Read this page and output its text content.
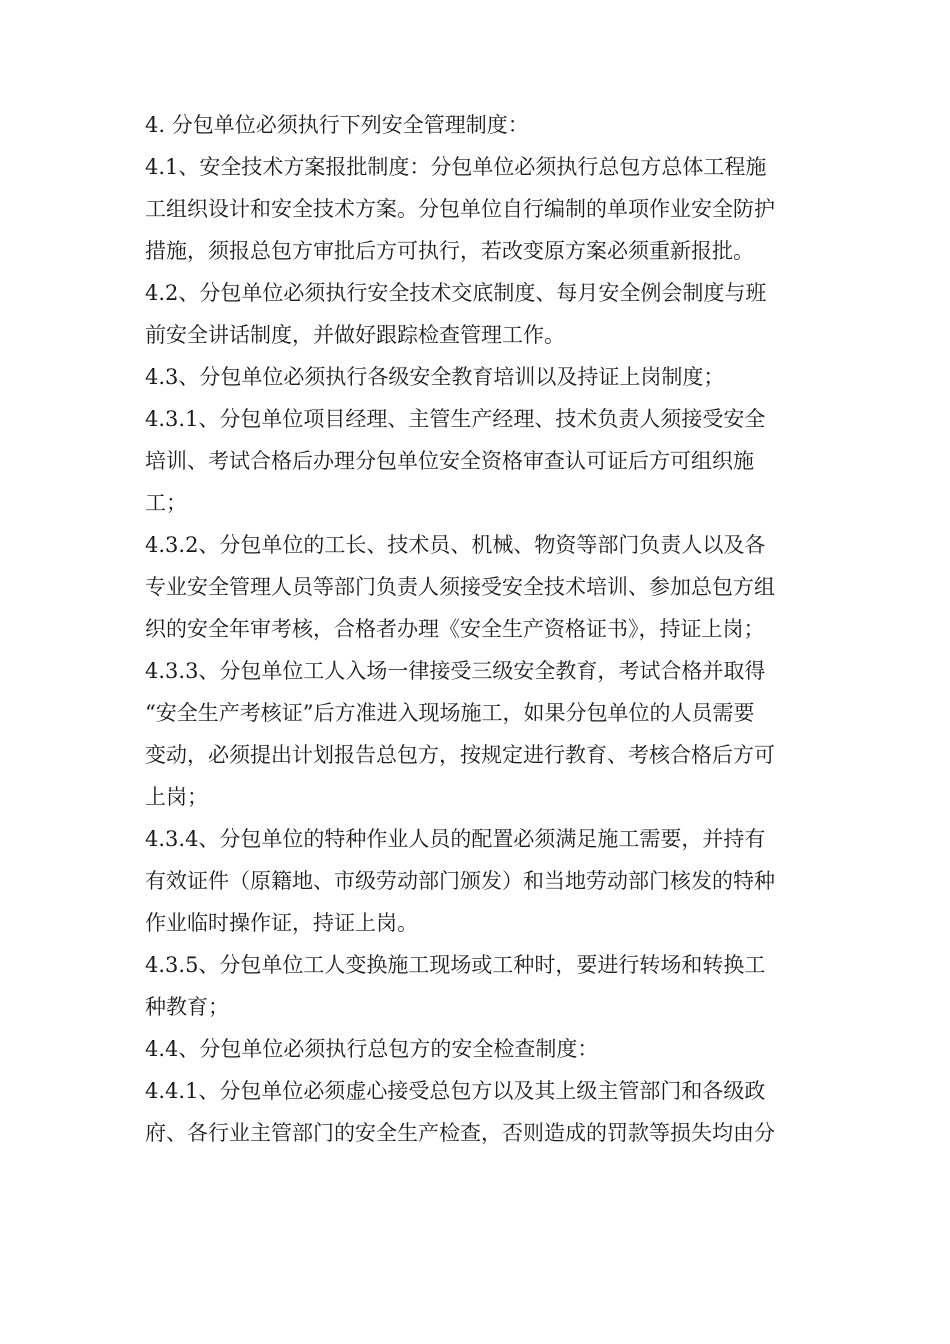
4. 分包单位必须执行下列安全管理制度：
4.1、安全技术方案报批制度：分包单位必须执行总包方总体工程施
工组织设计和安全技术方案。分包单位自行编制的单项作业安全防护
措施，须报总包方审批后方可执行，若改变原方案必须重新报批。
4.2、分包单位必须执行安全技术交底制度、每月安全例会制度与班
前安全讲话制度，并做好跟踪检查管理工作。
4.3、分包单位必须执行各级安全教育培训以及持证上岗制度；
4.3.1、分包单位项目经理、主管生产经理、技术负责人须接受安全
培训、考试合格后办理分包单位安全资格审查认可证后方可组织施
工；
4.3.2、分包单位的工长、技术员、机械、物资等部门负责人以及各
专业安全管理人员等部门负责人须接受安全技术培训、参加总包方组
织的安全年审考核，合格者办理《安全生产资格证书》，持证上岗；
4.3.3、分包单位工人入场一律接受三级安全教育，考试合格并取得
“安全生产考核证”后方准进入现场施工，如果分包单位的人员需要
变动，必须提出计划报告总包方，按规定进行教育、考核合格后方可
上岗；
4.3.4、分包单位的特种作业人员的配置必须满足施工需要，并持有
有效证件（原籍地、市级劳动部门颁发）和当地劳动部门核发的特种
作业临时操作证，持证上岗。
4.3.5、分包单位工人变换施工现场或工种时，要进行转场和转换工
种教育；
4.4、分包单位必须执行总包方的安全检查制度：
4.4.1、分包单位必须虚心接受总包方以及其上级主管部门和各级政
府、各行业主管部门的安全生产检查，否则造成的罚款等损失均由分
